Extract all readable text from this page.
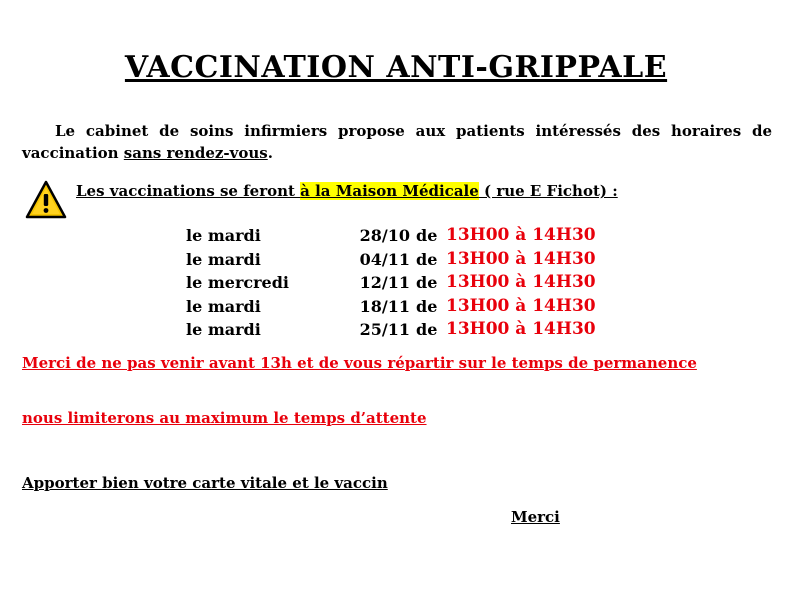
VACCINATION ANTI-GRIPPALE
Le cabinet de soins infirmiers propose aux patients intéressés des horaires de vaccination sans rendez-vous.
Les vaccinations se feront à la Maison Médicale ( rue E Fichot) :
le mardi	28/10 de 13H00 à 14H30
le mardi	04/11 de 13H00 à 14H30
le mercredi	12/11 de 13H00 à 14H30
le mardi	18/11 de 13H00 à 14H30
le mardi	25/11 de 13H00 à 14H30
Merci de ne pas venir avant 13h et de vous répartir sur le temps de permanence
nous limiterons au maximum le temps d’attente
Apporter bien votre carte vitale et le vaccin
Merci
